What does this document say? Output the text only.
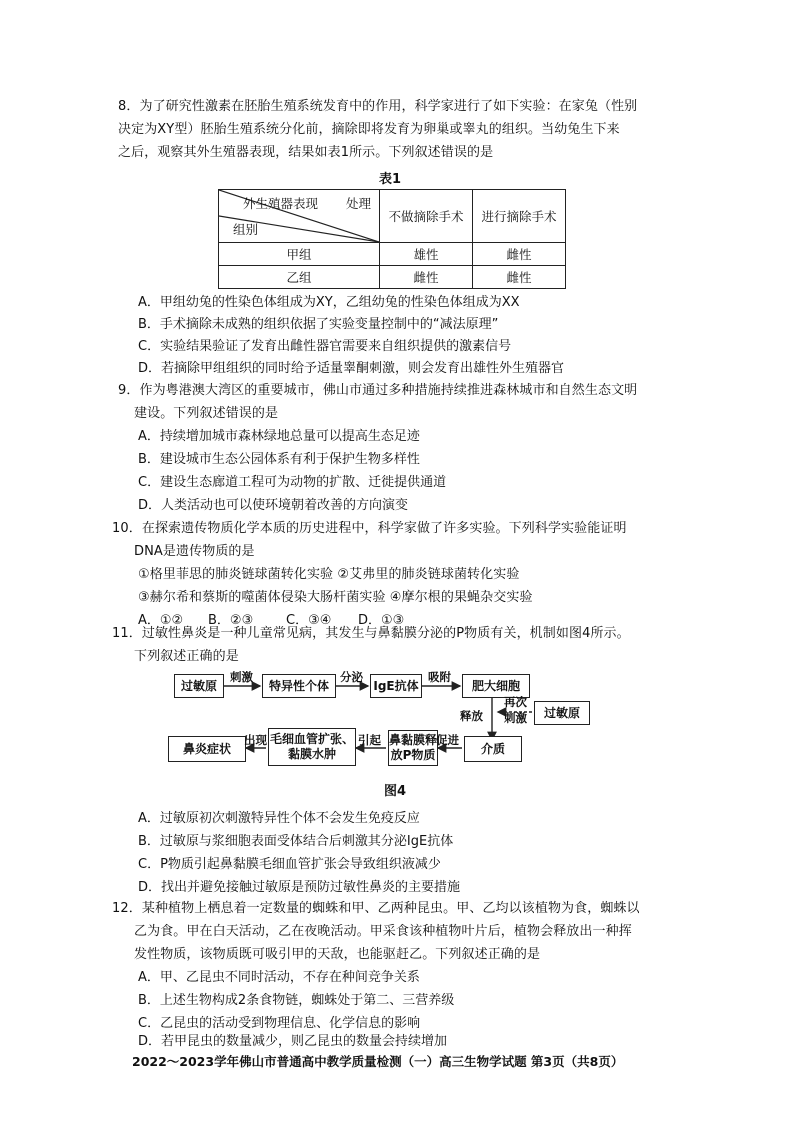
8．为了研究性激素在胚胎生殖系统发育中的作用，科学家进行了如下实验：在家兔（性别
决定为XY型）胚胎生殖系统分化前，摘除即将发育为卵巢或睾丸的组织。当幼兔生下来
之后，观察其外生殖器表现，结果如表1所示。下列叙述错误的是
表1
外生殖器表现 处理
组别	不做摘除手术	进行摘除手术
甲组	雄性	雌性
乙组	雌性	雌性
A．甲组幼兔的性染色体组成为XY，乙组幼兔的性染色体组成为XX
B．手术摘除未成熟的组织依据了实验变量控制中的“减法原理”
C．实验结果验证了发育出雌性器官需要来自组织提供的激素信号
D．若摘除甲组组织的同时给予适量睾酮刺激，则会发育出雄性外生殖器官
9．作为粤港澳大湾区的重要城市，佛山市通过多种措施持续推进森林城市和自然生态文明
建设。下列叙述错误的是
A．持续增加城市森林绿地总量可以提高生态足迹
B．建设城市生态公园体系有利于保护生物多样性
C．建设生态廊道工程可为动物的扩散、迁徙提供通道
D．人类活动也可以使环境朝着改善的方向演变
10．在探索遗传物质化学本质的历史进程中，科学家做了许多实验。下列科学实验能证明
DNA是遗传物质的是
①格里菲思的肺炎链球菌转化实验 ②艾弗里的肺炎链球菌转化实验
③赫尔希和蔡斯的噬菌体侵染大肠杆菌实验 ④摩尔根的果蝇杂交实验
A．①② B．②③	C．③④ D．①③
11．过敏性鼻炎是一种儿童常见病，其发生与鼻黏膜分泌的P物质有关，机制如图4所示。
下列叙述正确的是
过敏原	特异性个体	IgE抗体	肥大细胞
过敏原
介质
鼻黏膜释放P物质
毛细血管扩张、黏膜水肿
鼻炎症状
刺激	分泌	吸附
再次
刺激
释放
促进
引起
出现
图4
A．过敏原初次刺激特异性个体不会发生免疫反应
B．过敏原与浆细胞表面受体结合后刺激其分泌IgE抗体
C．P物质引起鼻黏膜毛细血管扩张会导致组织液减少
D．找出并避免接触过敏原是预防过敏性鼻炎的主要措施
12．某种植物上栖息着一定数量的蜘蛛和甲、乙两种昆虫。甲、乙均以该植物为食，蜘蛛以
乙为食。甲在白天活动，乙在夜晚活动。甲采食该种植物叶片后，植物会释放出一种挥
发性物质，该物质既可吸引甲的天敌，也能驱赶乙。下列叙述正确的是
A．甲、乙昆虫不同时活动，不存在种间竞争关系
B．上述生物构成2条食物链，蜘蛛处于第二、三营养级
C．乙昆虫的活动受到物理信息、化学信息的影响
D．若甲昆虫的数量减少，则乙昆虫的数量会持续增加
2022～2023学年佛山市普通高中教学质量检测（一）高三生物学试题 第3页（共8页）
